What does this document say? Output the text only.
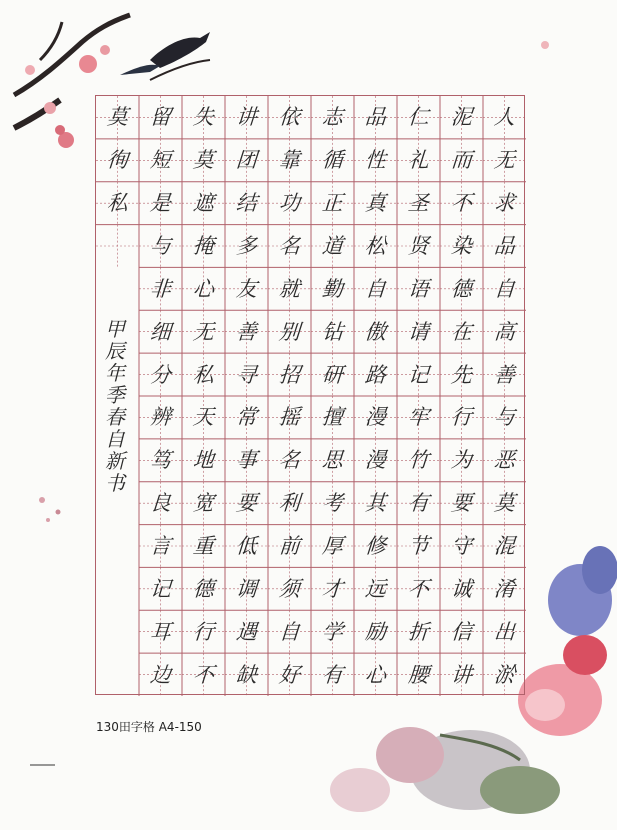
人
无
求
品
自
高
善
与
恶
莫
混
淆
出
淤
泥
而
不
染
德
在
先
行
为
要
守
诚
信
讲
仁
礼
圣
贤
语
请
记
牢
竹
有
节
不
折
腰
品
性
真
松
自
傲
路
漫
漫
其
修
远
励
心
志
循
正
道
勤
钻
研
擅
思
考
厚
才
学
有
依
靠
功
名
就
别
招
摇
名
利
前
须
自
好
讲
团
结
多
友
善
寻
常
事
要
低
调
遇
缺
失
莫
遮
掩
心
无
私
天
地
宽
重
德
行
不
留
短
是
与
非
细
分
辨
笃
良
言
记
耳
边
莫
徇
私
甲
辰
年
季
春
自
新
书
130田字格 A4-150
